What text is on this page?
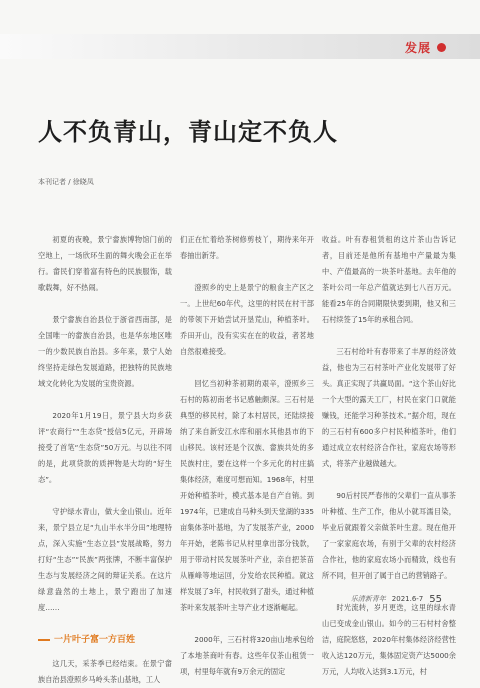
发展
人不负青山，青山定不负人
本刊记者 / 徐晓凤

初夏的夜晚，景宁畲族博物馆门前的空地上，一场欣环生面的舞火晚会正在举行。畲民们穿着富有特色的民族服饰，载歌载舞，好不热闹。

景宁畲族自治县位于浙省西南部，是全国唯一的畲族自治县，也是华东地区唯一的少数民族自治县。多年来，景宁人始终坚持走绿色发展道路，把独特的民族地域文化转化为发展的宝贵资源。

2020年1月19日，景宁县大均乡获评“农商行”“生态贷”授信5亿元，开辟场接受了首笔“生态贷”50万元。与以往不同的是，此项贷款的质押物是大均的“好生态”。

守护绿水青山，做大金山银山。近年来，景宁县立足“九山半水半分田”地理特点，深入实施“生态立县”发展战略，努力打好“生态”“民族”两张牌，不断丰富保护生态与发展经济之间的辩证关系。在这片绿意盎然的土地上，景宁跑出了加速度……

一片叶子富一方百姓

这几天，采茶季已经结束。在景宁畲族自治县澄照乡马岭头茶山基地，工人

们正在忙着给茶树修剪枝丫，期待来年开春抽出新芽。

澄照乡的史上是景宁的粮食主产区之一。上世纪60年代，这里的村民在村干部的带领下开始尝试开垦荒山，种植茶叶。乔田开山，没有实实在在的收益，者茗地自然很难接受。

回忆当初种茶初期的艰辛，澄照乡三石村的陈初南老书记感触颇深。三石村是典型的移民村，除了本村居民，还陆续接纳了来自新安江水库和丽水其他县市的下山移民。该村还是个汉族、畲族共处的多民族村庄，要在这样一个多元化的村庄搞集体经济，难度可想而知。1968年，村里开始种植茶叶，模式基本是自产自销。到1974年，已建成自马种头到天堂湖的335亩集体茶叶基地，为了发展茶产业，2000年开始，老陈书记从村里拿出部分钱款，用于带动村民发展茶叶产业，亲自把茶苗从雁峰等地运回，分发给农民种植。就这样发展了3年，村民收到了甜头，通过种植茶叶来发展茶叶主导产业才逐渐崛起。

2000年，三石村将320亩山地承包给了本地茶商叶有春。这些年仅茶山租赁一项，村里每年就有9万余元的固定

收益。叶有春租赁租的这片茶山告诉记者，目前还是他所有基地中产量最为集中、产值最高的一块茶叶基地。去年他的茶叶公司一年总产值就达到七八百万元。能看25年的合同期限快要到期，他又和三石村续签了15年的承租合同。

三石村给叶有春带来了丰厚的经济效益，他也为三石村茶叶产业化发展带了好头。真正实现了共赢局面。“这个茶山好比一个大型的露天工厂，村民在家门口就能赚钱，还能学习种茶技术。”据介绍，现在的三石村有600多户村民种植茶叶，他们通过成立农村经济合作社，家庭农场等形式，将茶产业越做越大。

90后村民严春伟的父辈们一直从事茶叶种植、生产工作，他从小就耳濡目染，毕业后就跟着父亲做茶叶生意。现在他开了一家家庭农场，有别于父辈的农村经济合作社，他的家庭农场小而精致，线也有所不同，但开创了属于自己的营销路子。

时光流转，岁月更迭，这里的绿水青山已变成金山银山。如今的三石村村舍整洁，庭院悠悠，2020年村集体经济经营性收入达120万元，集体固定资产达5000余万元，人均收入达到3.1万元，村

乐清新青年 2021.6-7 55
